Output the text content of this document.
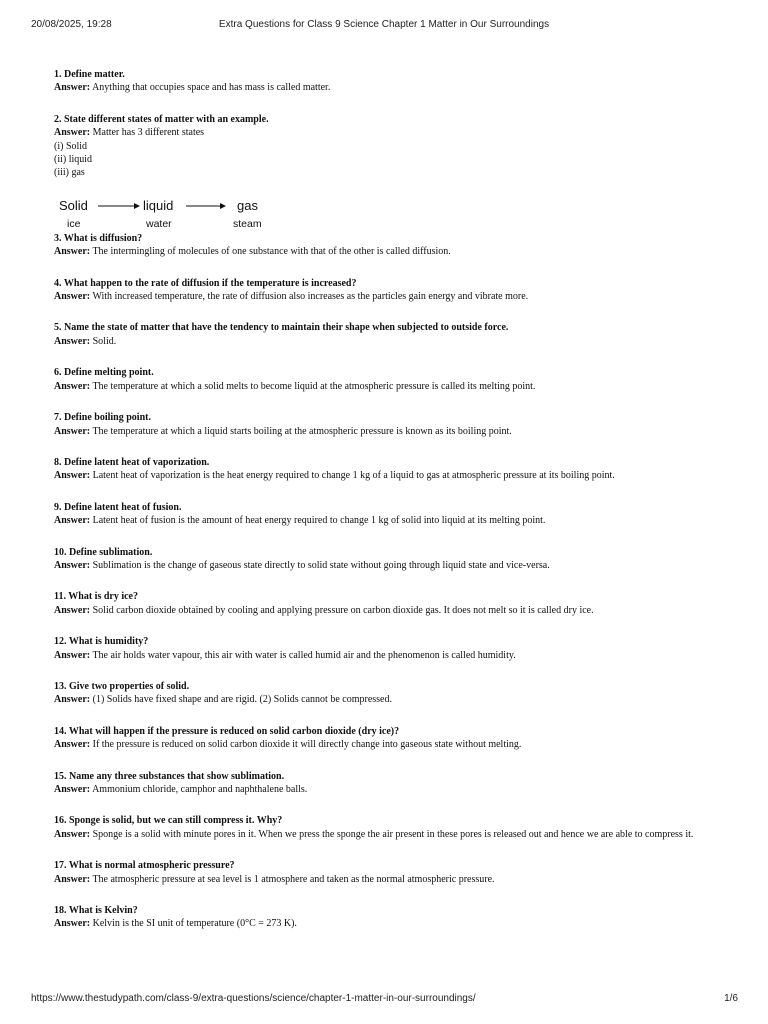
20/08/2025, 19:28	Extra Questions for Class 9 Science Chapter 1 Matter in Our Surroundings
1. Define matter.
Answer: Anything that occupies space and has mass is called matter.
2. State different states of matter with an example.
Answer: Matter has 3 different states
(i) Solid
(ii) liquid
(iii) gas
Solid	liquid	gas
ice	water	steam
3. What is diffusion?
Answer: The intermingling of molecules of one substance with that of the other is called diffusion.
4. What happen to the rate of diffusion if the temperature is increased?
Answer: With increased temperature, the rate of diffusion also increases as the particles gain energy and vibrate more.
5. Name the state of matter that have the tendency to maintain their shape when subjected to outside force.
Answer: Solid.
6. Define melting point.
Answer: The temperature at which a solid melts to become liquid at the atmospheric pressure is called its melting point.
7. Define boiling point.
Answer: The temperature at which a liquid starts boiling at the atmospheric pressure is known as its boiling point.
8. Define latent heat of vaporization.
Answer: Latent heat of vaporization is the heat energy required to change 1 kg of a liquid to gas at atmospheric pressure at its boiling point.
9. Define latent heat of fusion.
Answer: Latent heat of fusion is the amount of heat energy required to change 1 kg of solid into liquid at its melting point.
10. Define sublimation.
Answer: Sublimation is the change of gaseous state directly to solid state without going through liquid state and vice-versa.
11. What is dry ice?
Answer: Solid carbon dioxide obtained by cooling and applying pressure on carbon dioxide gas. It does not melt so it is called dry ice.
12. What is humidity?
Answer: The air holds water vapour, this air with water is called humid air and the phenomenon is called humidity.
13. Give two properties of solid.
Answer: (1) Solids have fixed shape and are rigid. (2) Solids cannot be compressed.
14. What will happen if the pressure is reduced on solid carbon dioxide (dry ice)?
Answer: If the pressure is reduced on solid carbon dioxide it will directly change into gaseous state without melting.
15. Name any three substances that show sublimation.
Answer: Ammonium chloride, camphor and naphthalene balls.
16. Sponge is solid, but we can still compress it. Why?
Answer: Sponge is a solid with minute pores in it. When we press the sponge the air present in these pores is released out and hence we are able to compress it.
17. What is normal atmospheric pressure?
Answer: The atmospheric pressure at sea level is 1 atmosphere and taken as the normal atmospheric pressure.
18. What is Kelvin?
Answer: Kelvin is the SI unit of temperature (0°C = 273 K).
https://www.thestudypath.com/class-9/extra-questions/science/chapter-1-matter-in-our-surroundings/	1/6
